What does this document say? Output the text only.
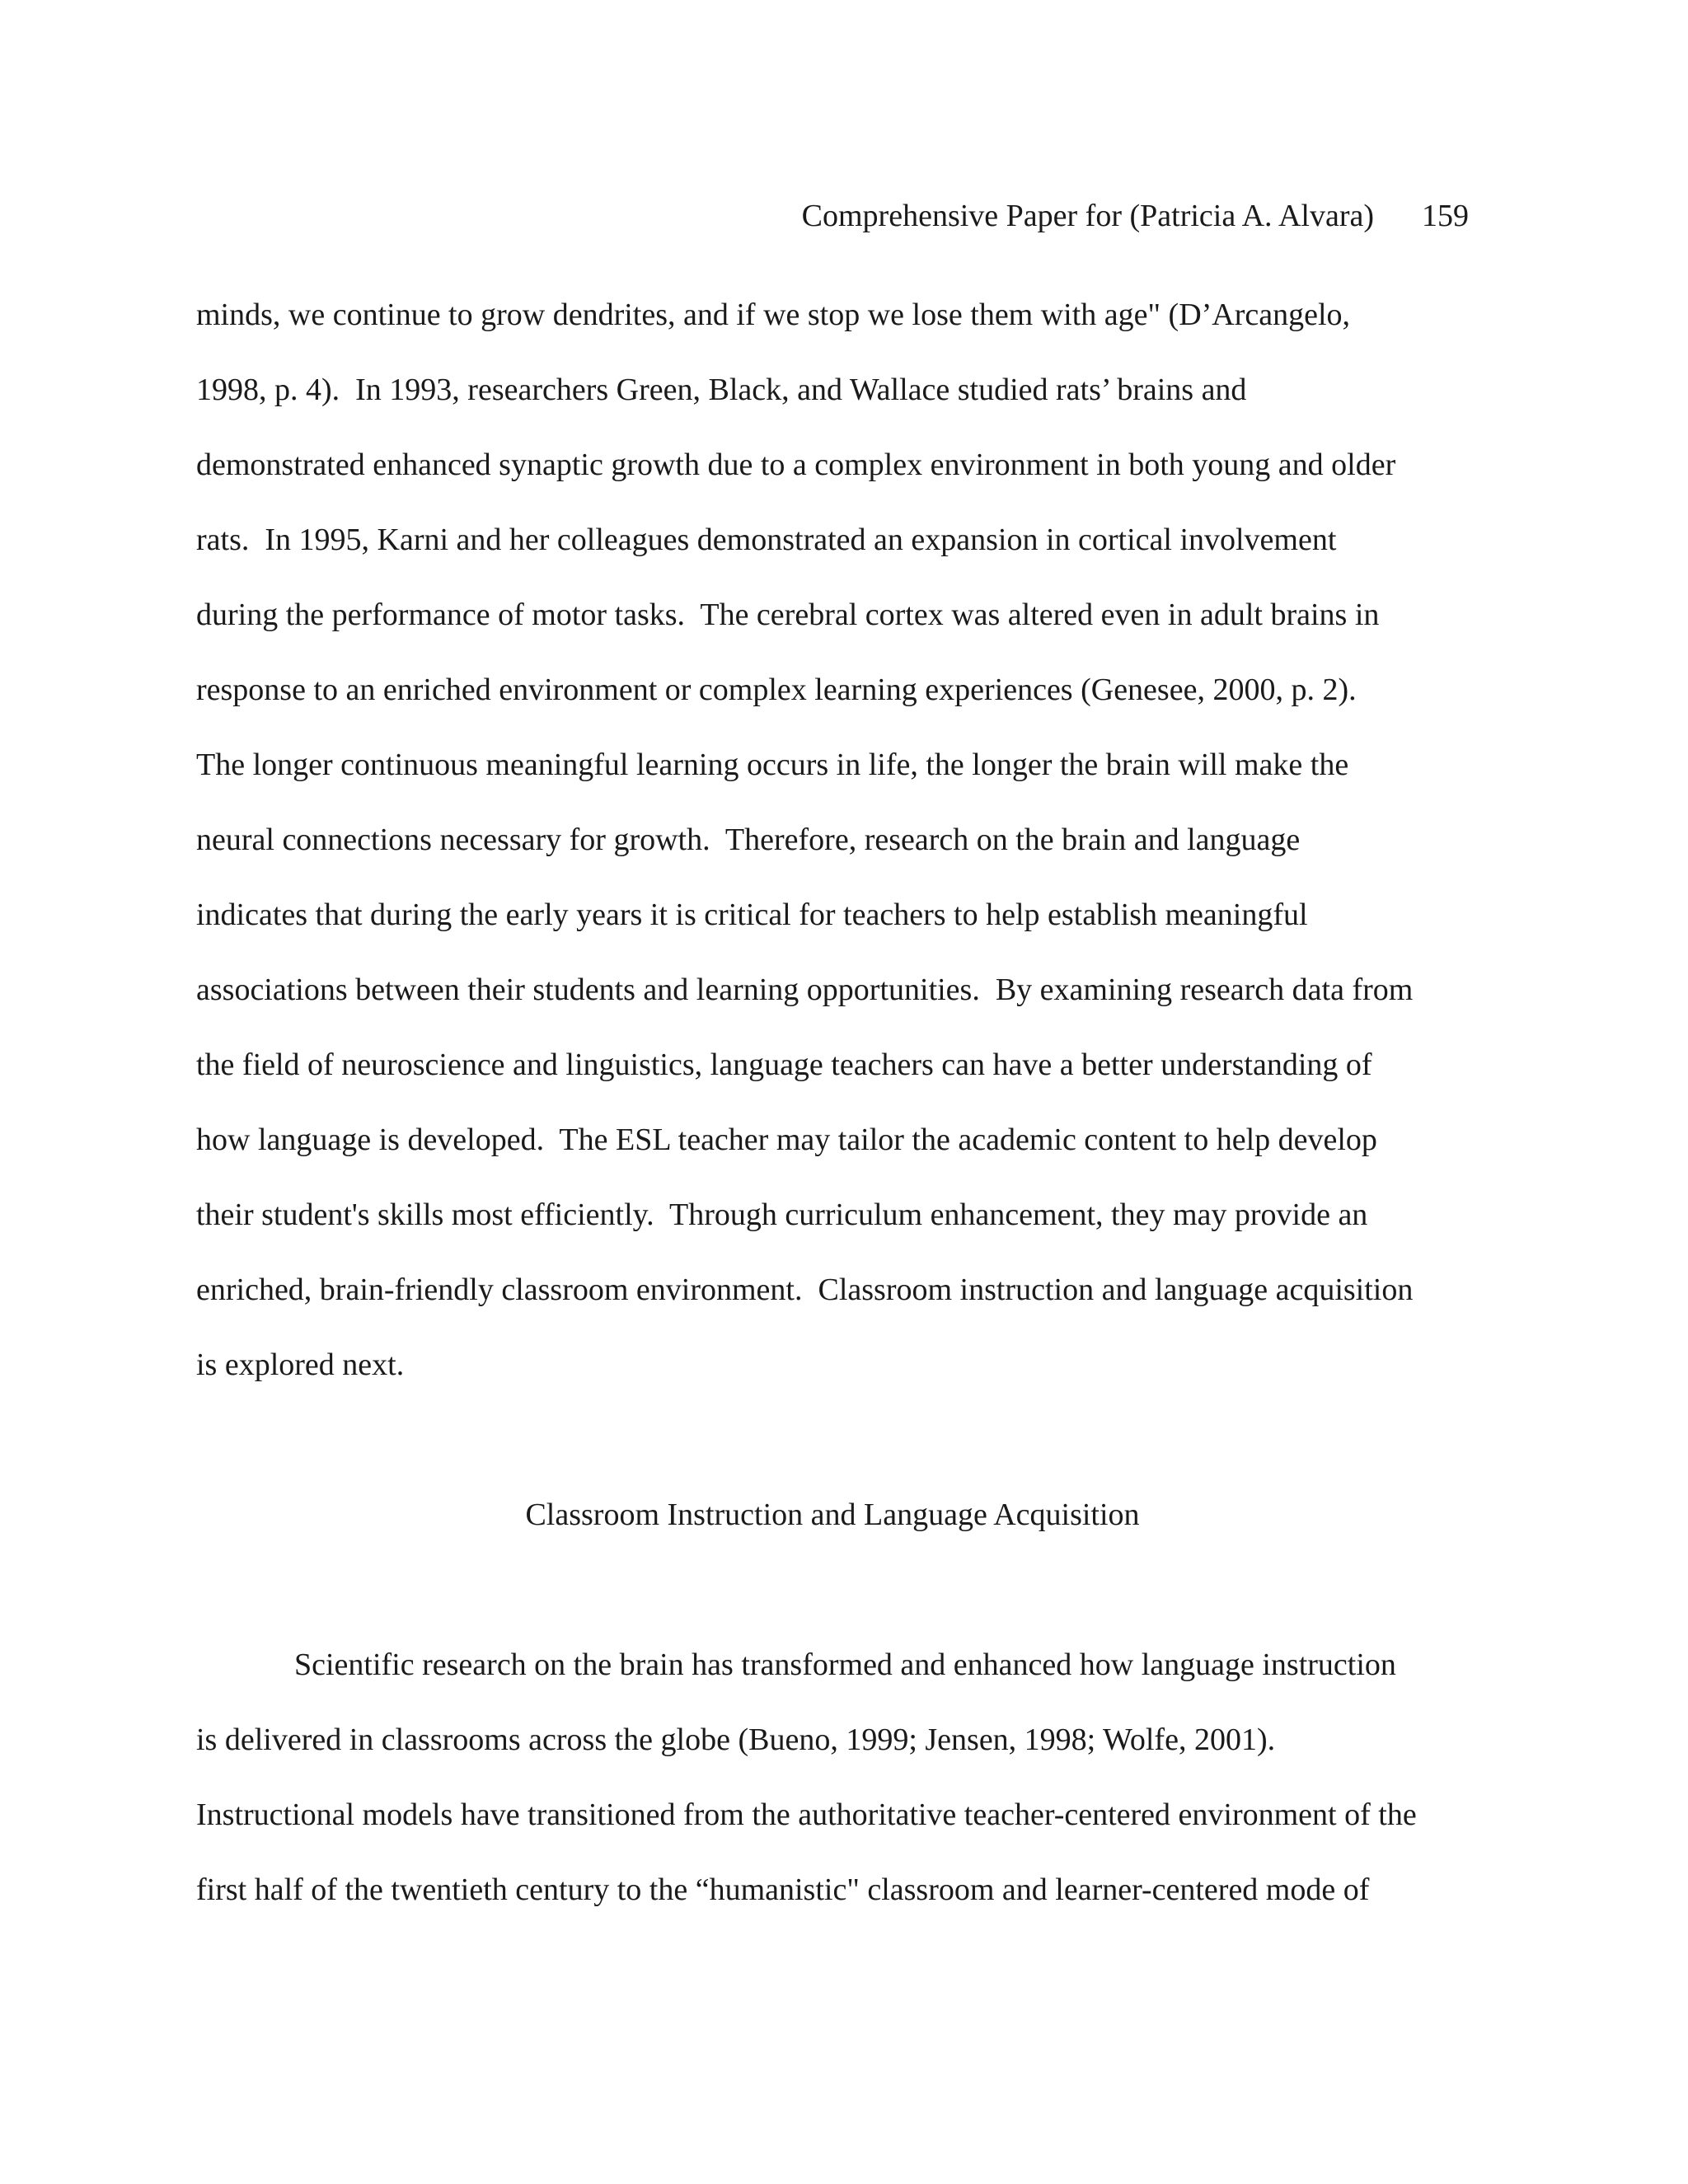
Comprehensive Paper for (Patricia A. Alvara) 159
minds, we continue to grow dendrites, and if we stop we lose them with age" (D’Arcangelo,
1998, p. 4).  In 1993, researchers Green, Black, and Wallace studied rats’ brains and
demonstrated enhanced synaptic growth due to a complex environment in both young and older
rats.  In 1995, Karni and her colleagues demonstrated an expansion in cortical involvement
during the performance of motor tasks.  The cerebral cortex was altered even in adult brains in
response to an enriched environment or complex learning experiences (Genesee, 2000, p. 2).
The longer continuous meaningful learning occurs in life, the longer the brain will make the
neural connections necessary for growth.  Therefore, research on the brain and language
indicates that during the early years it is critical for teachers to help establish meaningful
associations between their students and learning opportunities.  By examining research data from
the field of neuroscience and linguistics, language teachers can have a better understanding of
how language is developed.  The ESL teacher may tailor the academic content to help develop
their student's skills most efficiently.  Through curriculum enhancement, they may provide an
enriched, brain-friendly classroom environment.  Classroom instruction and language acquisition
is explored next.
Classroom Instruction and Language Acquisition
Scientific research on the brain has transformed and enhanced how language instruction
is delivered in classrooms across the globe (Bueno, 1999; Jensen, 1998; Wolfe, 2001).
Instructional models have transitioned from the authoritative teacher-centered environment of the
first half of the twentieth century to the “humanistic" classroom and learner-centered mode of
